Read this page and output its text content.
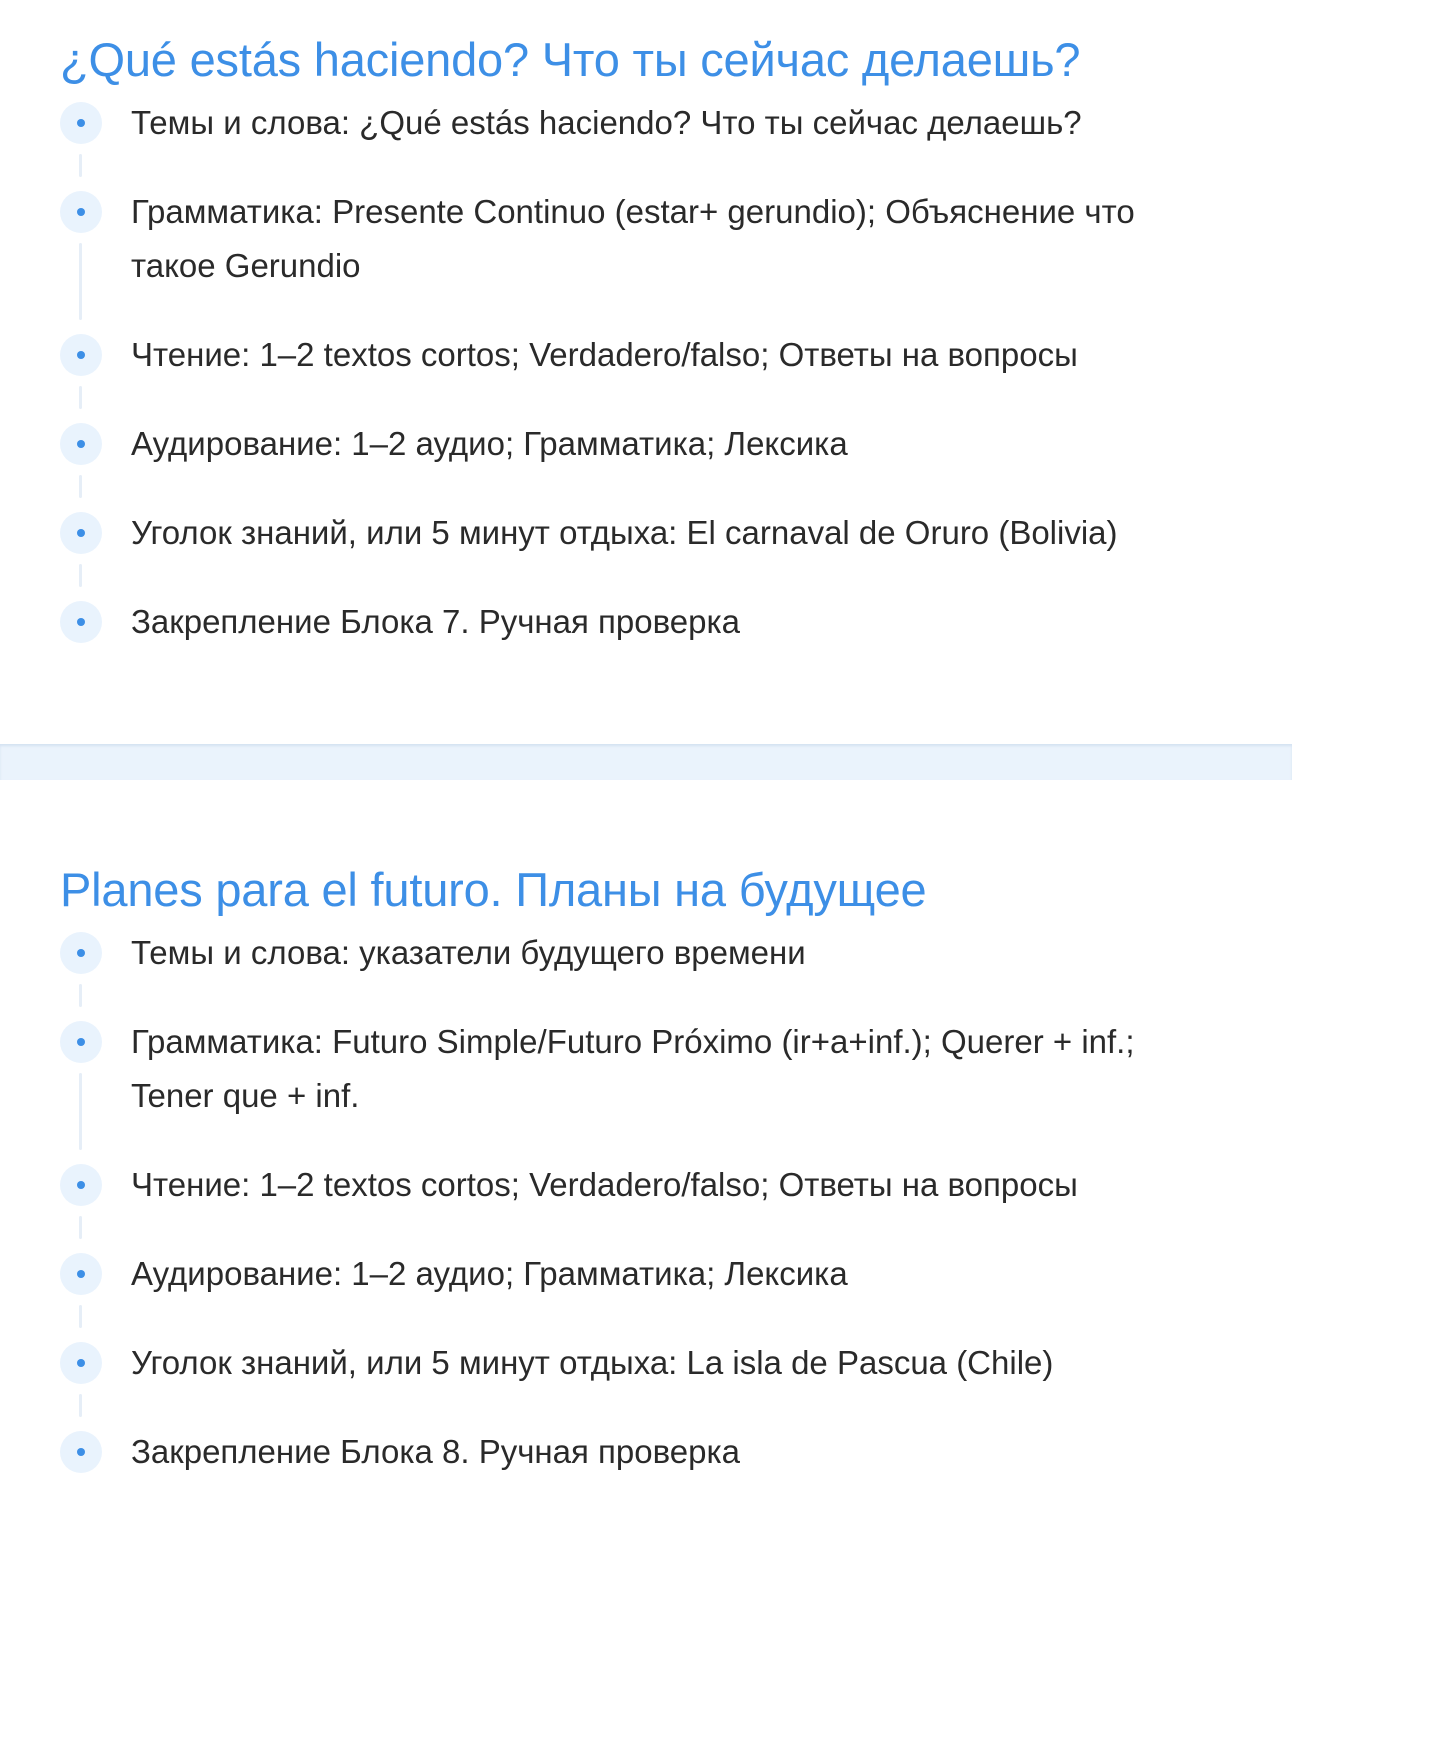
¿Qué estás haciendo? Что ты сейчас делаешь?
Темы и слова: ¿Qué estás haciendo? Что ты сейчас делаешь?
Грамматика: Presente Continuo (estar+ gerundio); Объяснение что такое Gerundio
Чтение: 1–2 textos cortos; Verdadero/falso; Ответы на вопросы
Аудирование: 1–2 аудио; Грамматика; Лексика
Уголок знаний, или 5 минут отдыха: El carnaval de Oruro (Bolivia)
Закрепление Блока 7. Ручная проверка
Planes para el futuro. Планы на будущее
Темы и слова: указатели будущего времени
Грамматика: Futuro Simple/Futuro Próximo (ir+a+inf.); Querer + inf.; Tener que + inf.
Чтение: 1–2 textos cortos; Verdadero/falso; Ответы на вопросы
Аудирование: 1–2 аудио; Грамматика; Лексика
Уголок знаний, или 5 минут отдыха: La isla de Pascua (Chile)
Закрепление Блока 8. Ручная проверка
